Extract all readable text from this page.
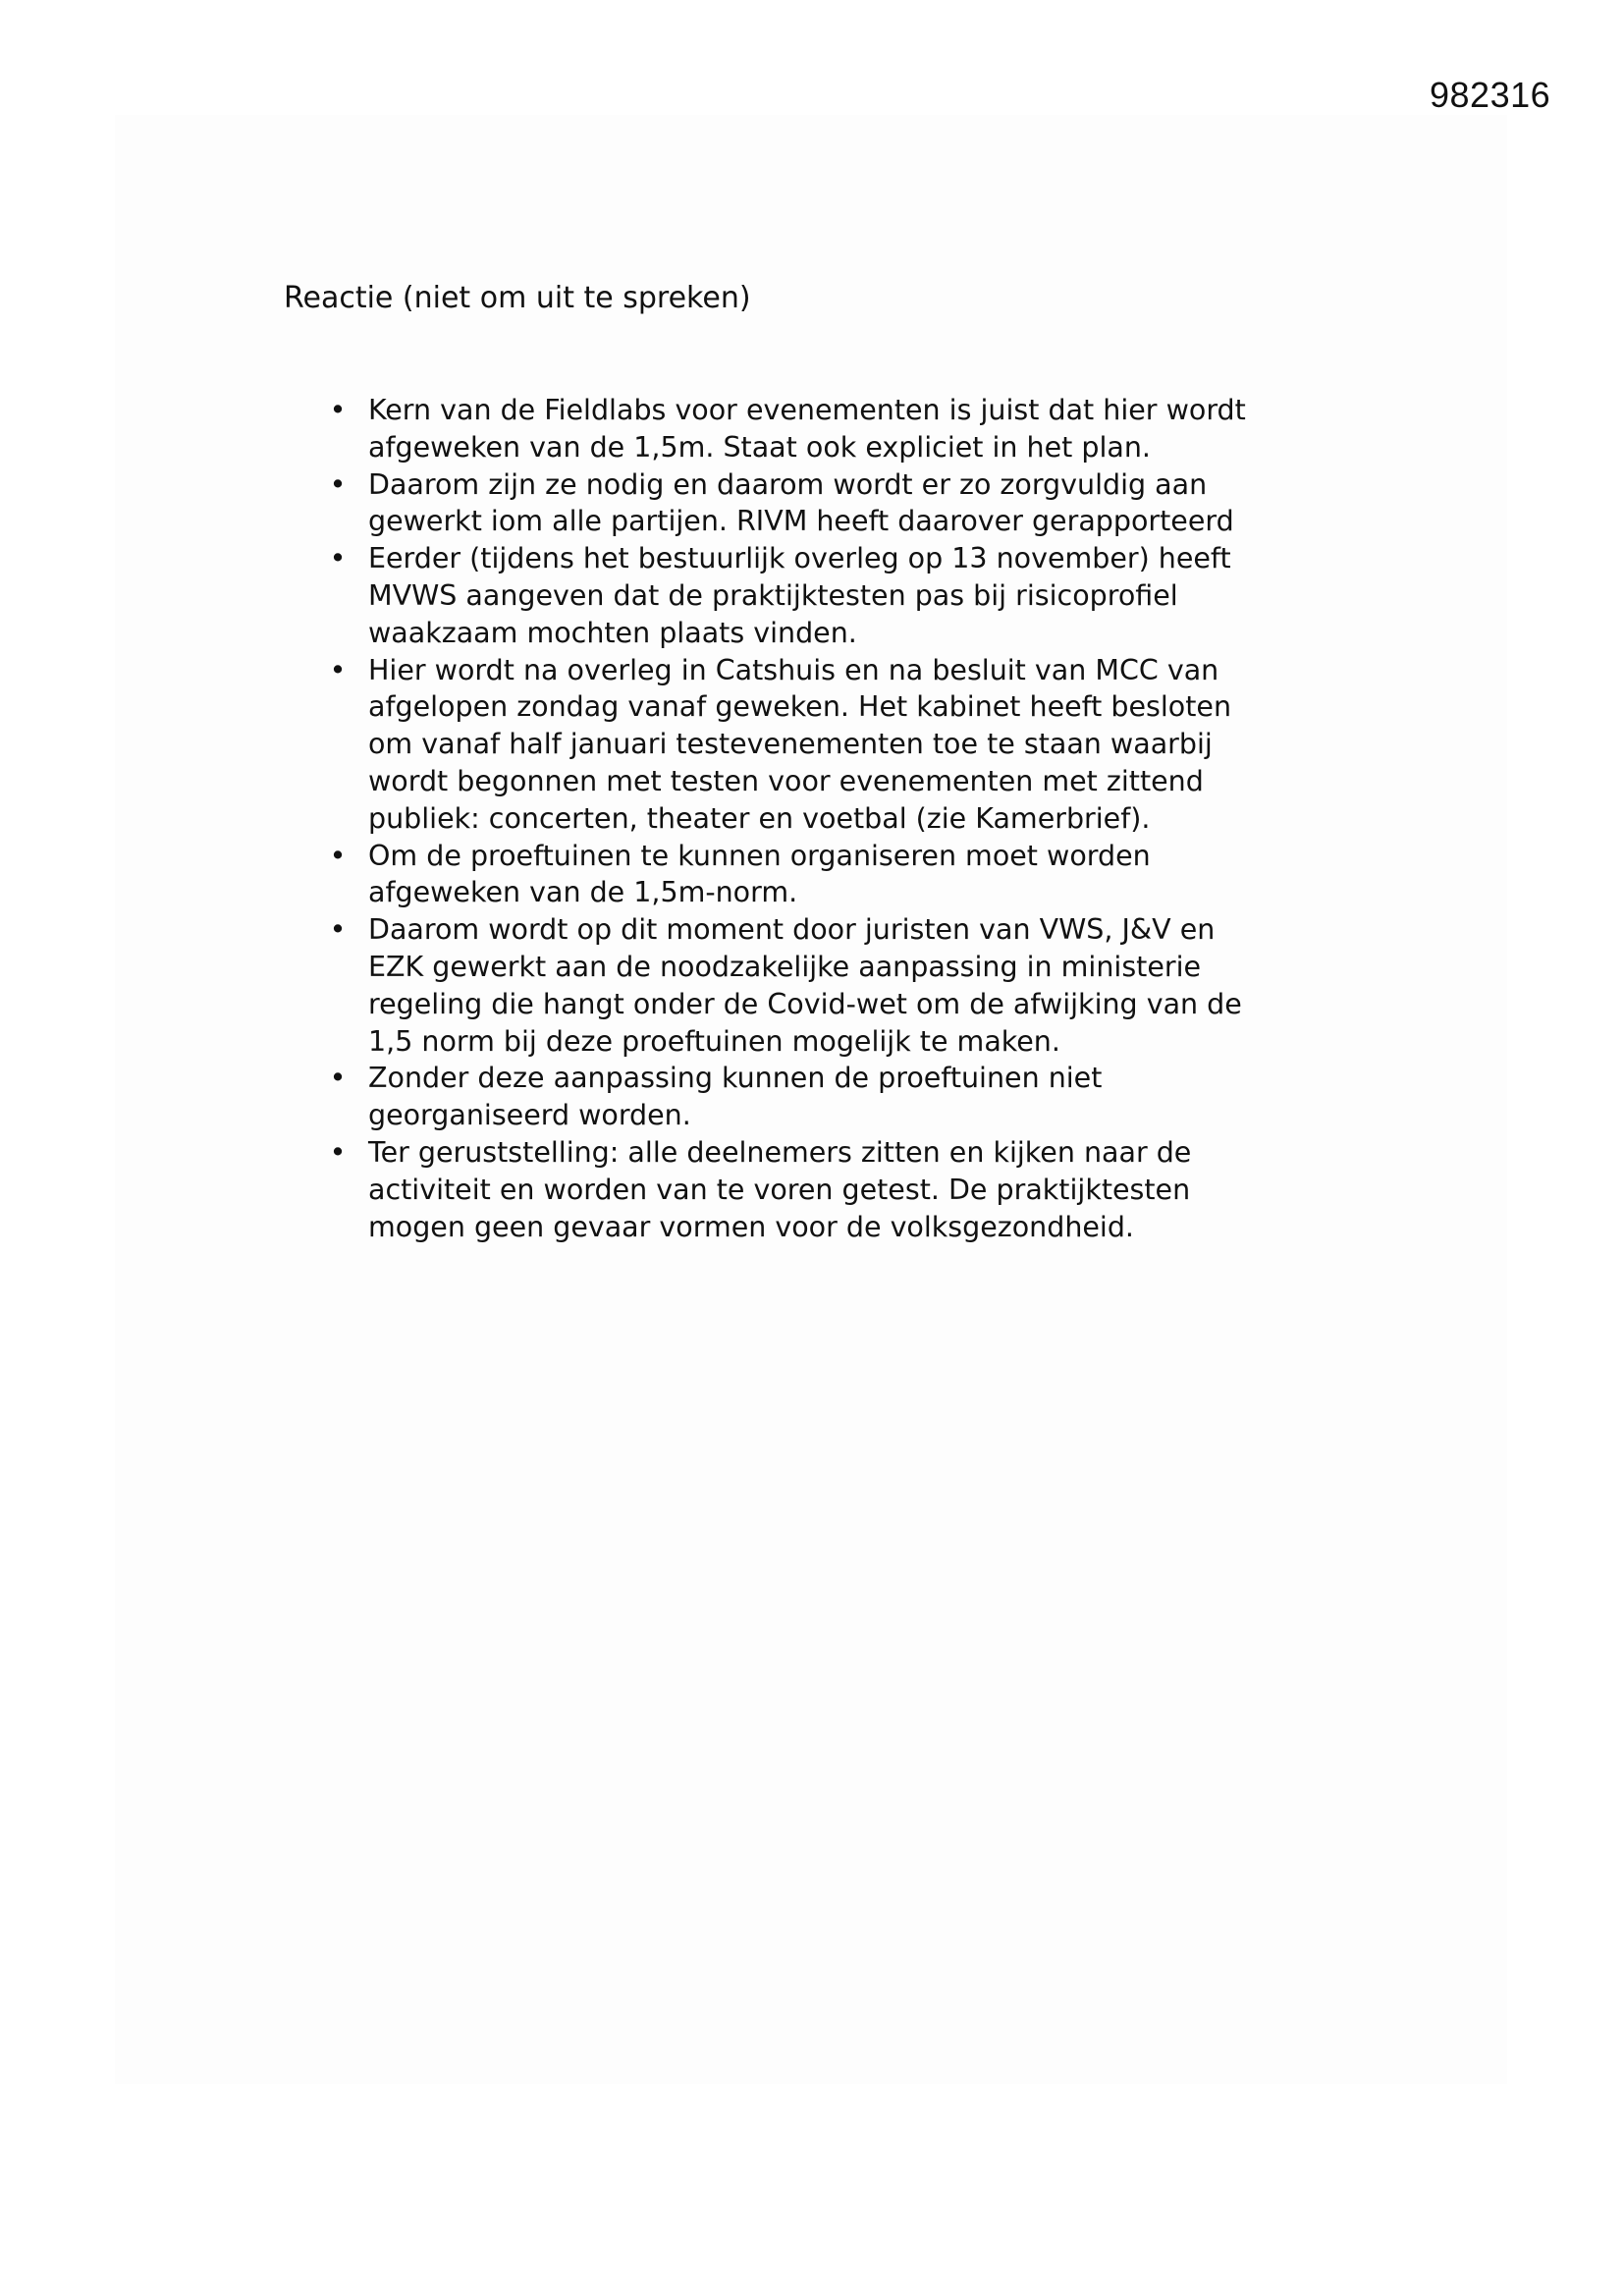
982316
Reactie (niet om uit te spreken)
• Kern van de Fieldlabs voor evenementen is juist dat hier wordt
afgeweken van de 1,5m. Staat ook expliciet in het plan.
• Daarom zijn ze nodig en daarom wordt er zo zorgvuldig aan
gewerkt iom alle partijen. RIVM heeft daarover gerapporteerd
• Eerder (tijdens het bestuurlijk overleg op 13 november) heeft
MVWS aangeven dat de praktijktesten pas bij risicoprofiel
waakzaam mochten plaats vinden.
• Hier wordt na overleg in Catshuis en na besluit van MCC van
afgelopen zondag vanaf geweken. Het kabinet heeft besloten
om vanaf half januari testevenementen toe te staan waarbij
wordt begonnen met testen voor evenementen met zittend
publiek: concerten, theater en voetbal (zie Kamerbrief).
• Om de proeftuinen te kunnen organiseren moet worden
afgeweken van de 1,5m-norm.
• Daarom wordt op dit moment door juristen van VWS, J&V en
EZK gewerkt aan de noodzakelijke aanpassing in ministerie
regeling die hangt onder de Covid-wet om de afwijking van de
1,5 norm bij deze proeftuinen mogelijk te maken.
• Zonder deze aanpassing kunnen de proeftuinen niet
georganiseerd worden.
• Ter geruststelling: alle deelnemers zitten en kijken naar de
activiteit en worden van te voren getest. De praktijktesten
mogen geen gevaar vormen voor de volksgezondheid.
